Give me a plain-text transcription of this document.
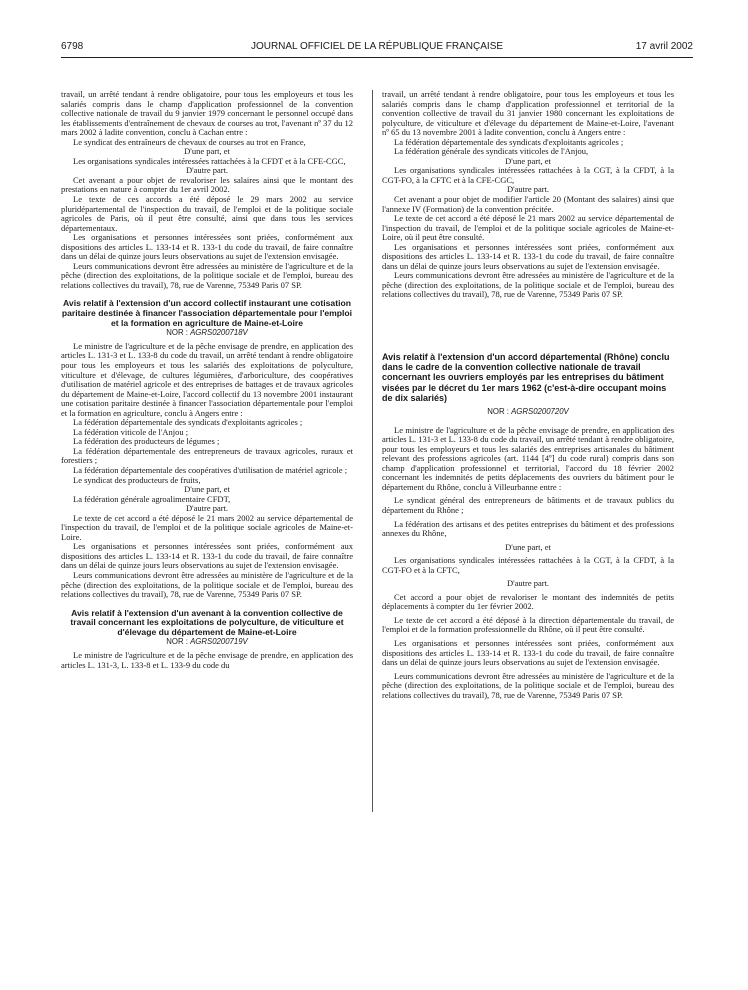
6798	JOURNAL OFFICIEL DE LA RÉPUBLIQUE FRANÇAISE	17 avril 2002

travail, un arrêté tendant à rendre obligatoire, pour tous les employeurs et tous les salariés compris dans le champ d'application professionnel de la convention collective nationale de travail du 9 janvier 1979 concernant le personnel occupé dans les établissements d'entraînement de chevaux de courses au trot, l'avenant nº 37 du 12 mars 2002 à ladite convention, conclu à Cachan entre :

Le syndicat des entraîneurs de chevaux de courses au trot en France,

D'une part, et

Les organisations syndicales intéressées rattachées à la CFDT et à la CFE-CGC,

D'autre part.

Cet avenant a pour objet de revaloriser les salaires ainsi que le montant des prestations en nature à compter du 1er avril 2002.

Le texte de ces accords a été déposé le 29 mars 2002 au service pluridépartemental de l'inspection du travail, de l'emploi et de la politique sociale agricoles de Paris, où il peut être consulté, ainsi que dans tous les services départementaux.

Les organisations et personnes intéressées sont priées, conformément aux dispositions des articles L. 133-14 et R. 133-1 du code du travail, de faire connaître dans un délai de quinze jours leurs observations au sujet de l'extension envisagée.

Leurs communications devront être adressées au ministère de l'agriculture et de la pêche (direction des exploitations, de la politique sociale et de l'emploi, bureau des relations collectives du travail), 78, rue de Varenne, 75349 Paris 07 SP.

Avis relatif à l'extension d'un accord collectif instaurant une cotisation paritaire destinée à financer l'association départementale pour l'emploi et la formation en agriculture de Maine-et-Loire

NOR : AGRS0200718V

Le ministre de l'agriculture et de la pêche envisage de prendre, en application des articles L. 131-3 et L. 133-8 du code du travail, un arrêté tendant à rendre obligatoire pour tous les employeurs et tous les salariés des exploitations de polyculture, viticulture et d'élevage, de cultures légumières, d'arboriculture, des coopératives d'utilisation de matériel agricole et des entreprises de battages et de travaux agricoles du département de Maine-et-Loire, l'accord collectif du 13 novembre 2001 instaurant une cotisation paritaire destinée à financer l'association départementale pour l'emploi et la formation en agriculture, conclu à Angers entre :

La fédération départementale des syndicats d'exploitants agricoles ;

La fédération viticole de l'Anjou ;

La fédération des producteurs de légumes ;

La fédération départementale des entrepreneurs de travaux agricoles, ruraux et forestiers ;

La fédération départementale des coopératives d'utilisation de matériel agricole ;

Le syndicat des producteurs de fruits,

D'une part, et

La fédération générale agroalimentaire CFDT,

D'autre part.

Le texte de cet accord a été déposé le 21 mars 2002 au service départemental de l'inspection du travail, de l'emploi et de la politique sociale agricoles de Maine-et-Loire.

Les organisations et personnes intéressées sont priées, conformément aux dispositions des articles L. 133-14 et R. 133-1 du code du travail, de faire connaître dans un délai de quinze jours leurs observations au sujet de l'extension envisagée.

Leurs communications devront être adressées au ministère de l'agriculture et de la pêche (direction des exploitations, de la politique sociale et de l'emploi, bureau des relations collectives du travail), 78, rue de Varenne, 75349 Paris 07 SP.

Avis relatif à l'extension d'un avenant à la convention collective de travail concernant les exploitations de polyculture, de viticulture et d'élevage du département de Maine-et-Loire

NOR : AGRS0200719V

Le ministre de l'agriculture et de la pêche envisage de prendre, en application des articles L. 131-3, L. 133-8 et L. 133-9 du code du

travail, un arrêté tendant à rendre obligatoire, pour tous les employeurs et tous les salariés compris dans le champ d'application professionnel et territorial de la convention collective de travail du 31 janvier 1980 concernant les exploitations de polyculture, de viticulture et d'élevage du département de Maine-et-Loire, l'avenant nº 65 du 13 novembre 2001 à ladite convention, conclu à Angers entre :

La fédération départementale des syndicats d'exploitants agricoles ;

La fédération générale des syndicats viticoles de l'Anjou,

D'une part, et

Les organisations syndicales intéressées rattachées à la CGT, à la CFDT, à la CGT-FO, à la CFTC et à la CFE-CGC,

D'autre part.

Cet avenant a pour objet de modifier l'article 20 (Montant des salaires) ainsi que l'annexe IV (Formation) de la convention précitée.

Le texte de cet accord a été déposé le 21 mars 2002 au service départemental de l'inspection du travail, de l'emploi et de la politique sociale agricoles de Maine-et-Loire, où il peut être consulté.

Les organisations et personnes intéressées sont priées, conformément aux dispositions des articles L. 133-14 et R. 133-1 du code du travail, de faire connaître dans un délai de quinze jours leurs observations au sujet de l'extension envisagée.

Leurs communications devront être adressées au ministère de l'agriculture et de la pêche (direction des exploitations, de la politique sociale et de l'emploi, bureau des relations collectives du travail), 78, rue de Varenne, 75349 Paris 07 SP.

Avis relatif à l'extension d'un accord départemental (Rhône) conclu dans le cadre de la convention collective nationale de travail concernant les ouvriers employés par les entreprises du bâtiment visées par le décret du 1er mars 1962 (c'est-à-dire occupant moins de dix salariés)

NOR : AGRS0200720V

Le ministre de l'agriculture et de la pêche envisage de prendre, en application des articles L. 131-3 et L. 133-8 du code du travail, un arrêté tendant à rendre obligatoire, pour tous les employeurs et tous les salariés des entreprises artisanales du bâtiment relevant des professions agricoles (art. 1144 [4º] du code rural) compris dans son champ d'application professionnel et territorial, l'accord du 18 février 2002 concernant les indemnités de petits déplacements des ouvriers du bâtiment pour le département du Rhône, conclu à Villeurbanne entre :

Le syndicat général des entrepreneurs de bâtiments et de travaux publics du département du Rhône ;

La fédération des artisans et des petites entreprises du bâtiment et des professions annexes du Rhône,

D'une part, et

Les organisations syndicales intéressées rattachées à la CGT, à la CFDT, à la CGT-FO et à la CFTC,

D'autre part.

Cet accord a pour objet de revaloriser le montant des indemnités de petits déplacements à compter du 1er février 2002.

Le texte de cet accord a été déposé à la direction départementale du travail, de l'emploi et de la formation professionnelle du Rhône, où il peut être consulté.

Les organisations et personnes intéressées sont priées, conformément aux dispositions des articles L. 133-14 et R. 133-1 du code du travail, de faire connaître dans un délai de quinze jours leurs observations au sujet de l'extension envisagée.

Leurs communications devront être adressées au ministère de l'agriculture et de la pêche (direction des exploitations, de la politique sociale et de l'emploi, bureau des relations collectives du travail), 78, rue de Varenne, 75349 Paris 07 SP.
